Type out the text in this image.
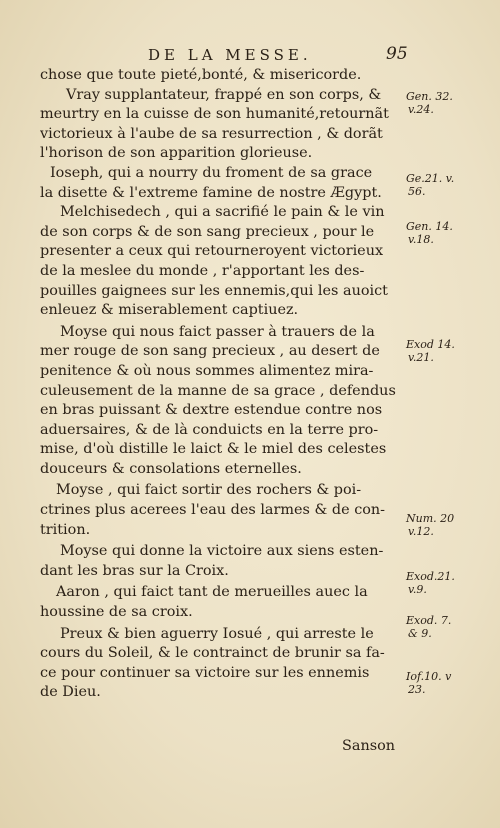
DE LA MESSE.	95
chose que toute pieté,bonté, & misericorde.
Vray supplantateur, frappé en son corps, &
meurtry en la cuisse de son humanité,retournãt
victorieux à l'aube de sa resurrection , & dorãt
l'horison de son apparition glorieuse.
Ioseph, qui a nourry du froment de sa grace
la disette & l'extreme famine de nostre Ægypt.
Melchisedech , qui a sacrifié le pain & le vin
de son corps & de son sang precieux , pour le
presenter a ceux qui retourneroyent victorieux
de la meslee du monde , r'apportant les des-
pouilles gaignees sur les ennemis,qui les auoict
enleuez & miserablement captiuez.
Moyse qui nous faict passer à trauers de la
mer rouge de son sang precieux , au desert de
penitence & où nous sommes alimentez mira-
culeusement de la manne de sa grace , defendus
en bras puissant & dextre estendue contre nos
aduersaires, & de là conduicts en la terre pro-
mise, d'où distille le laict & le miel des celestes
douceurs & consolations eternelles.
Moyse , qui faict sortir des rochers & poi-
ctrines plus acerees l'eau des larmes & de con-
trition.
Moyse qui donne la victoire aux siens esten-
dant les bras sur la Croix.
Aaron , qui faict tant de merueilles auec la
houssine de sa croix.
Preux & bien aguerry Iosué , qui arreste le
cours du Soleil, & le contrainct de brunir sa fa-
ce pour continuer sa victoire sur les ennemis
de Dieu.
Gen. 32.
v.24.
Ge.21. v.
56.
Gen. 14.
v.18.
Exod 14.
v.21.
Num. 20
v.12.
Exod.21.
v.9.
Exod. 7.
& 9.
Iof.10. v
23.
Sanson
